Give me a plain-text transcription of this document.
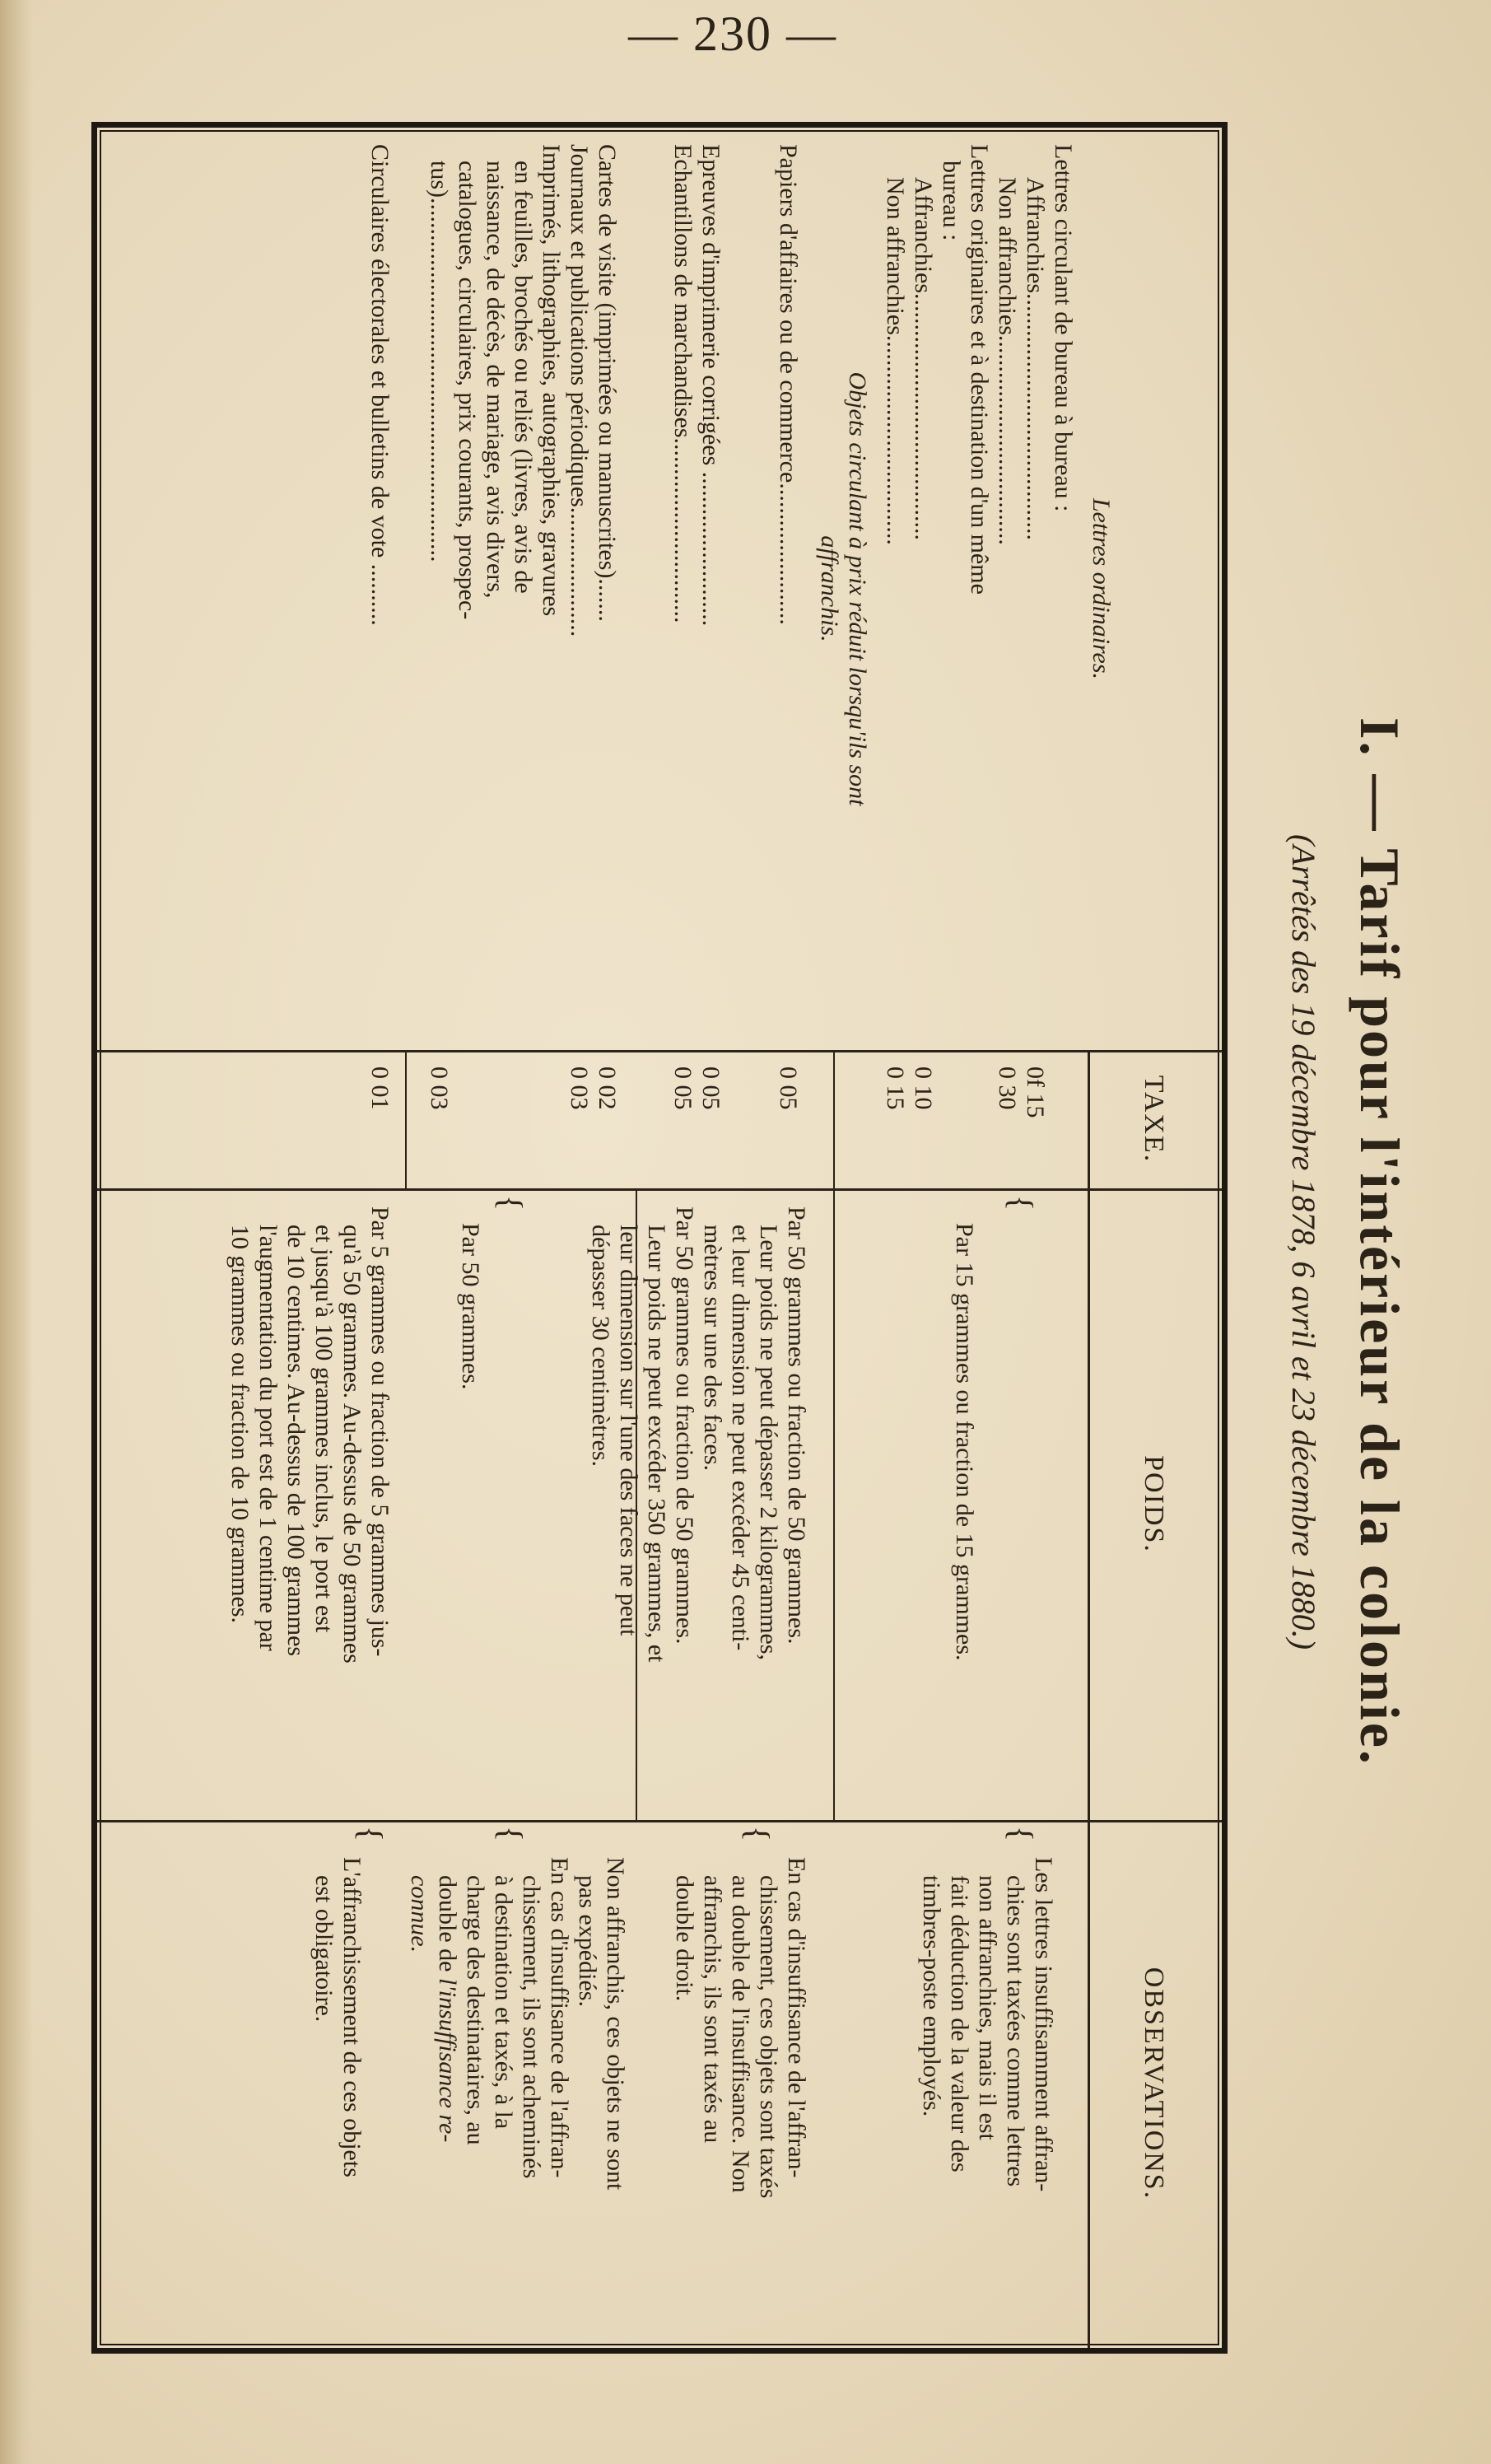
— 230 —
I. — Tarif pour l'intérieur de la colonie.
(Arrêtés des 19 décembre 1878, 6 avril et 23 décembre 1880.)
TAXE.
POIDS.
OBSERVATIONS.
Lettres ordinaires.
Lettres circulant de bureau à bureau :
Affranchies........................................
Non affranchies..................................
Lettres originaires et à destination d'un même
bureau :
Affranchies........................................
Non affranchies..................................
Objets circulant à prix réduit lorsqu'ils sont
affranchis.
Papiers d'affaires ou de commerce.......................
Epreuves d'imprimerie corrigées .........................
Echantillons de marchandises..............................
Cartes de visite (imprimées ou manuscrites).......
Journaux et publications périodiques.....................
Imprimés, lithographies, autographies, gravures
en feuilles, brochés ou reliés (livres, avis de
naissance, de décès, de mariage, avis divers,
catalogues, circulaires, prix courants, prospec-
tus)...........................................................
Circulaires électorales et bulletins de vote ..........
0f 15
0 30
0 10
0 15
0 05
0 05
0 05
0 02
0 03
0 03
0 01
{
Par 15 grammes ou fraction de 15 grammes.
Par 50 grammes ou fraction de 50 grammes.
Leur poids ne peut dépasser 2 kilogrammes,
et leur dimension ne peut excéder 45 centi-
mètres sur une des faces.
Par 50 grammes ou fraction de 50 grammes.
Leur poids ne peut excéder 350 grammes, et
leur dimension sur l'une des faces ne peut
dépasser 30 centimètres.
{
Par 50 grammes.
Par 5 grammes ou fraction de 5 grammes jus-
qu'à 50 grammes. Au-dessus de 50 grammes
et jusqu'à 100 grammes inclus, le port est
de 10 centimes. Au-dessus de 100 grammes
l'augmentation du port est de 1 centime par
10 grammes ou fraction de 10 grammes.
{
Les lettres insuffisamment affran-
chies sont taxées comme lettres
non affranchies, mais il est
fait déduction de la valeur des
timbres-poste employés.
{
En cas d'insuffisance de l'affran-
chissement, ces objets sont taxés
au double de l'insuffisance. Non
affranchis, ils sont taxés au
double droit.
{
Non affranchis, ces objets ne sont
pas expédiés.
En cas d'insuffisance de l'affran-
chissement, ils sont acheminés
à destination et taxés, à la
charge des destinataires, au
double de l'insuffisance re-
connue.
{
L'affranchissement de ces objets
est obligatoire.
